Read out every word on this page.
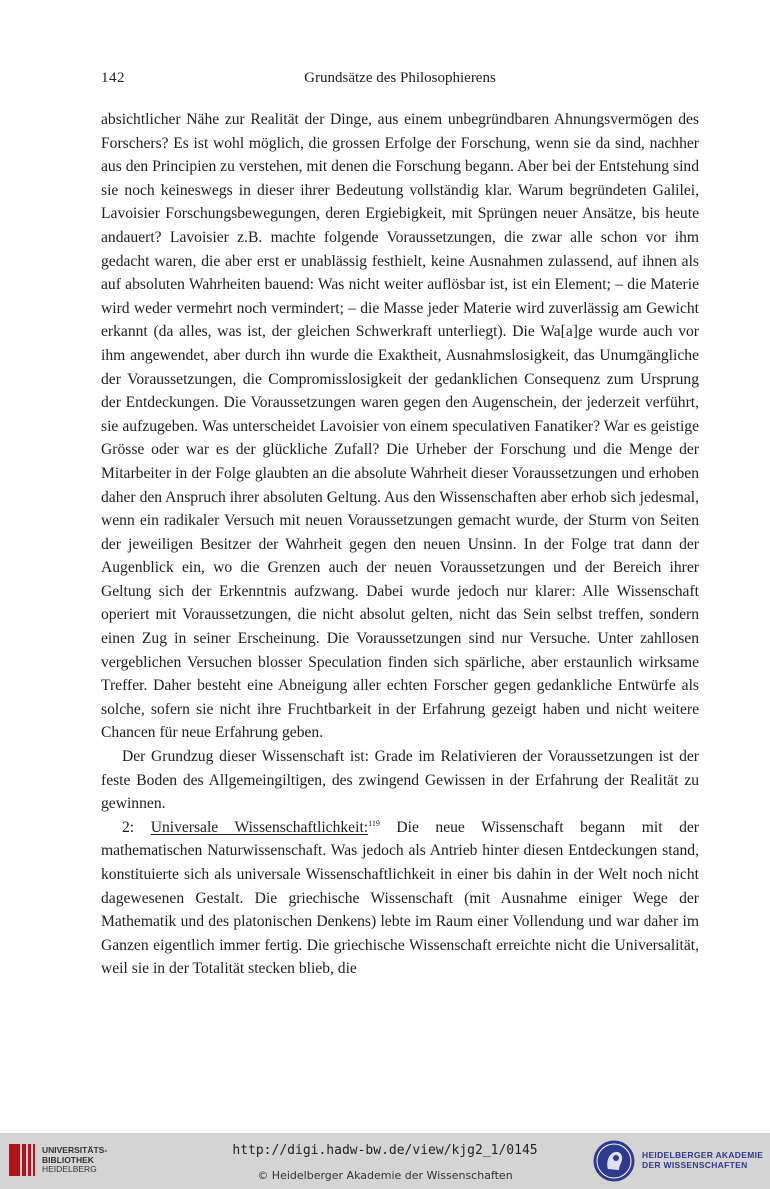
142	Grundsätze des Philosophierens

absichtlicher Nähe zur Realität der Dinge, aus einem unbegründbaren Ahnungsvermögen des Forschers? Es ist wohl möglich, die grossen Erfolge der Forschung, wenn sie da sind, nachher aus den Principien zu verstehen, mit denen die Forschung begann. Aber bei der Entstehung sind sie noch keineswegs in dieser ihrer Bedeutung vollständig klar. Warum begründeten Galilei, Lavoisier Forschungsbewegungen, deren Ergiebigkeit, mit Sprüngen neuer Ansätze, bis heute andauert? Lavoisier z.B. machte folgende Voraussetzungen, die zwar alle schon vor ihm gedacht waren, die aber erst er unablässig festhielt, keine Ausnahmen zulassend, auf ihnen als auf absoluten Wahrheiten bauend: Was nicht weiter auflösbar ist, ist ein Element; – die Materie wird weder vermehrt noch vermindert; – die Masse jeder Materie wird zuverlässig am Gewicht erkannt (da alles, was ist, der gleichen Schwerkraft unterliegt). Die Wa[a]ge wurde auch vor ihm angewendet, aber durch ihn wurde die Exaktheit, Ausnahmslosigkeit, das Unumgängliche der Voraussetzungen, die Compromisslosigkeit der gedanklichen Consequenz zum Ursprung der Entdeckungen. Die Voraussetzungen waren gegen den Augenschein, der jederzeit verführt, sie aufzugeben. Was unterscheidet Lavoisier von einem speculativen Fanatiker? War es geistige Grösse oder war es der glückliche Zufall? Die Urheber der Forschung und die Menge der Mitarbeiter in der Folge glaubten an die absolute Wahrheit dieser Voraussetzungen und erhoben daher den Anspruch ihrer absoluten Geltung. Aus den Wissenschaften aber erhob sich jedesmal, wenn ein radikaler Versuch mit neuen Voraussetzungen gemacht wurde, der Sturm von Seiten der jeweiligen Besitzer der Wahrheit gegen den neuen Unsinn. In der Folge trat dann der Augenblick ein, wo die Grenzen auch der neuen Voraussetzungen und der Bereich ihrer Geltung sich der Erkenntnis aufzwang. Dabei wurde jedoch nur klarer: Alle Wissenschaft operiert mit Voraussetzungen, die nicht absolut gelten, nicht das Sein selbst treffen, sondern einen Zug in seiner Erscheinung. Die Voraussetzungen sind nur Versuche. Unter zahllosen vergeblichen Versuchen blosser Speculation finden sich spärliche, aber erstaunlich wirksame Treffer. Daher besteht eine Abneigung aller echten Forscher gegen gedankliche Entwürfe als solche, sofern sie nicht ihre Fruchtbarkeit in der Erfahrung gezeigt haben und nicht weitere Chancen für neue Erfahrung geben.

Der Grundzug dieser Wissenschaft ist: Grade im Relativieren der Voraussetzungen ist der feste Boden des Allgemeingiltigen, des zwingend Gewissen in der Erfahrung der Realität zu gewinnen.

2: Universale Wissenschaftlichkeit:$^{119}$ Die neue Wissenschaft begann mit der mathematischen Naturwissenschaft. Was jedoch als Antrieb hinter diesen Entdeckungen stand, konstituierte sich als universale Wissenschaftlichkeit in einer bis dahin in der Welt noch nicht dagewesenen Gestalt. Die griechische Wissenschaft (mit Ausnahme einiger Wege der Mathematik und des platonischen Denkens) lebte im Raum einer Vollendung und war daher im Ganzen eigentlich immer fertig. Die griechische Wissenschaft erreichte nicht die Universalität, weil sie in der Totalität stecken blieb, die

UNIVERSITÄTS-
BIBLIOTHEK
HEIDELBERG
http://digi.hadw-bw.de/view/kjg2_1/0145
© Heidelberger Akademie der Wissenschaften
HEIDELBERGER AKADEMIE
DER WISSENSCHAFTEN
